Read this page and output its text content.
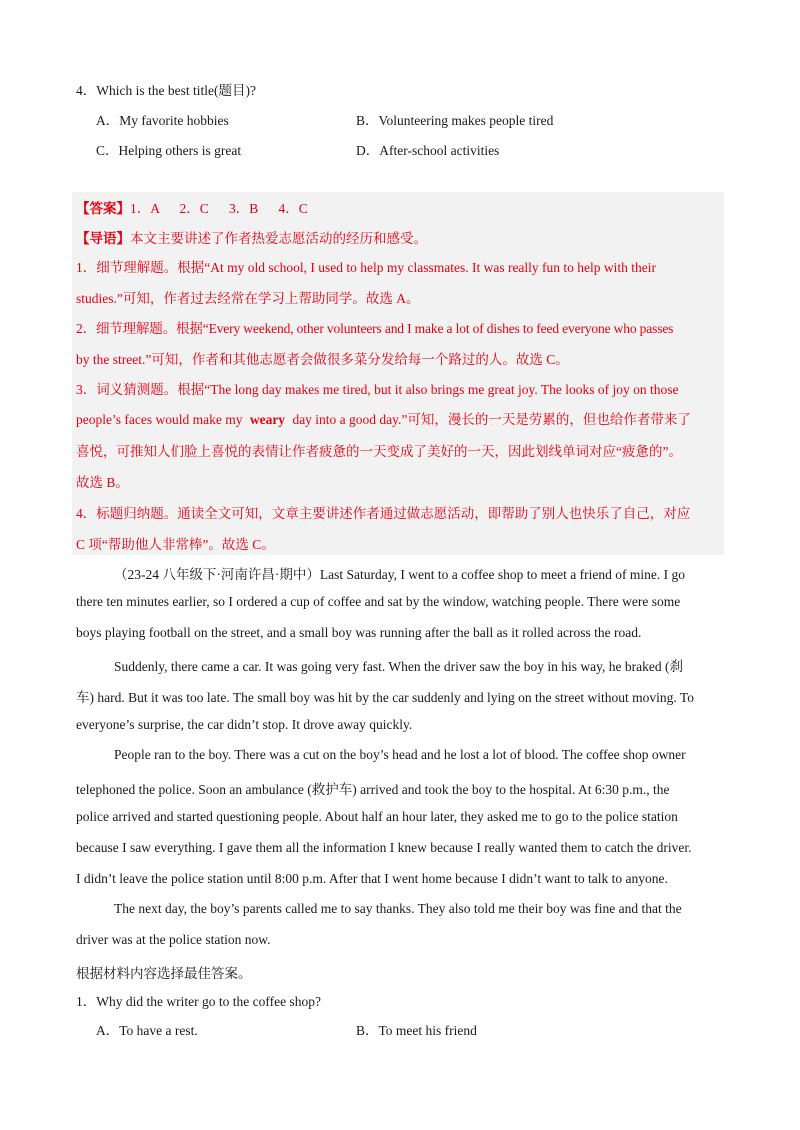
4．Which is the best title(题目)?
A．My favorite hobbies	B．Volunteering makes people tired
C．Helping others is great	D．After-school activities
【答案】1．A      2．C      3．B      4．C
【导语】本文主要讲述了作者热爱志愿活动的经历和感受。
1．细节理解题。根据“At my old school, I used to help my classmates. It was really fun to help with their
studies.”可知，作者过去经常在学习上帮助同学。故选 A。
2．细节理解题。根据“Every weekend, other volunteers and I make a lot of dishes to feed everyone who passes
by the street.”可知，作者和其他志愿者会做很多菜分发给每一个路过的人。故选 C。
3．词义猜测题。根据“The long day makes me tired, but it also brings me great joy. The looks of joy on those
people’s faces would make my weary day into a good day.”可知，漫长的一天是劳累的，但也给作者带来了
喜悦，可推知人们脸上喜悦的表情让作者疲惫的一天变成了美好的一天，因此划线单词对应“疲惫的”。
故选 B。
4．标题归纳题。通读全文可知，文章主要讲述作者通过做志愿活动，即帮助了别人也快乐了自己，对应
C 项“帮助他人非常棒”。故选 C。
（23-24 八年级下·河南许昌·期中）Last Saturday, I went to a coffee shop to meet a friend of mine. I go
there ten minutes earlier, so I ordered a cup of coffee and sat by the window, watching people. There were some
boys playing football on the street, and a small boy was running after the ball as it rolled across the road.
Suddenly, there came a car. It was going very fast. When the driver saw the boy in his way, he braked (刹
车) hard. But it was too late. The small boy was hit by the car suddenly and lying on the street without moving. To
everyone’s surprise, the car didn’t stop. It drove away quickly.
People ran to the boy. There was a cut on the boy’s head and he lost a lot of blood. The coffee shop owner
telephoned the police. Soon an ambulance (救护车) arrived and took the boy to the hospital. At 6:30 p.m., the
police arrived and started questioning people. About half an hour later, they asked me to go to the police station
because I saw everything. I gave them all the information I knew because I really wanted them to catch the driver.
I didn’t leave the police station until 8:00 p.m. After that I went home because I didn’t want to talk to anyone.
The next day, the boy’s parents called me to say thanks. They also told me their boy was fine and that the
driver was at the police station now.
根据材料内容选择最佳答案。
1．Why did the writer go to the coffee shop?
A．To have a rest.	B．To meet his friend
